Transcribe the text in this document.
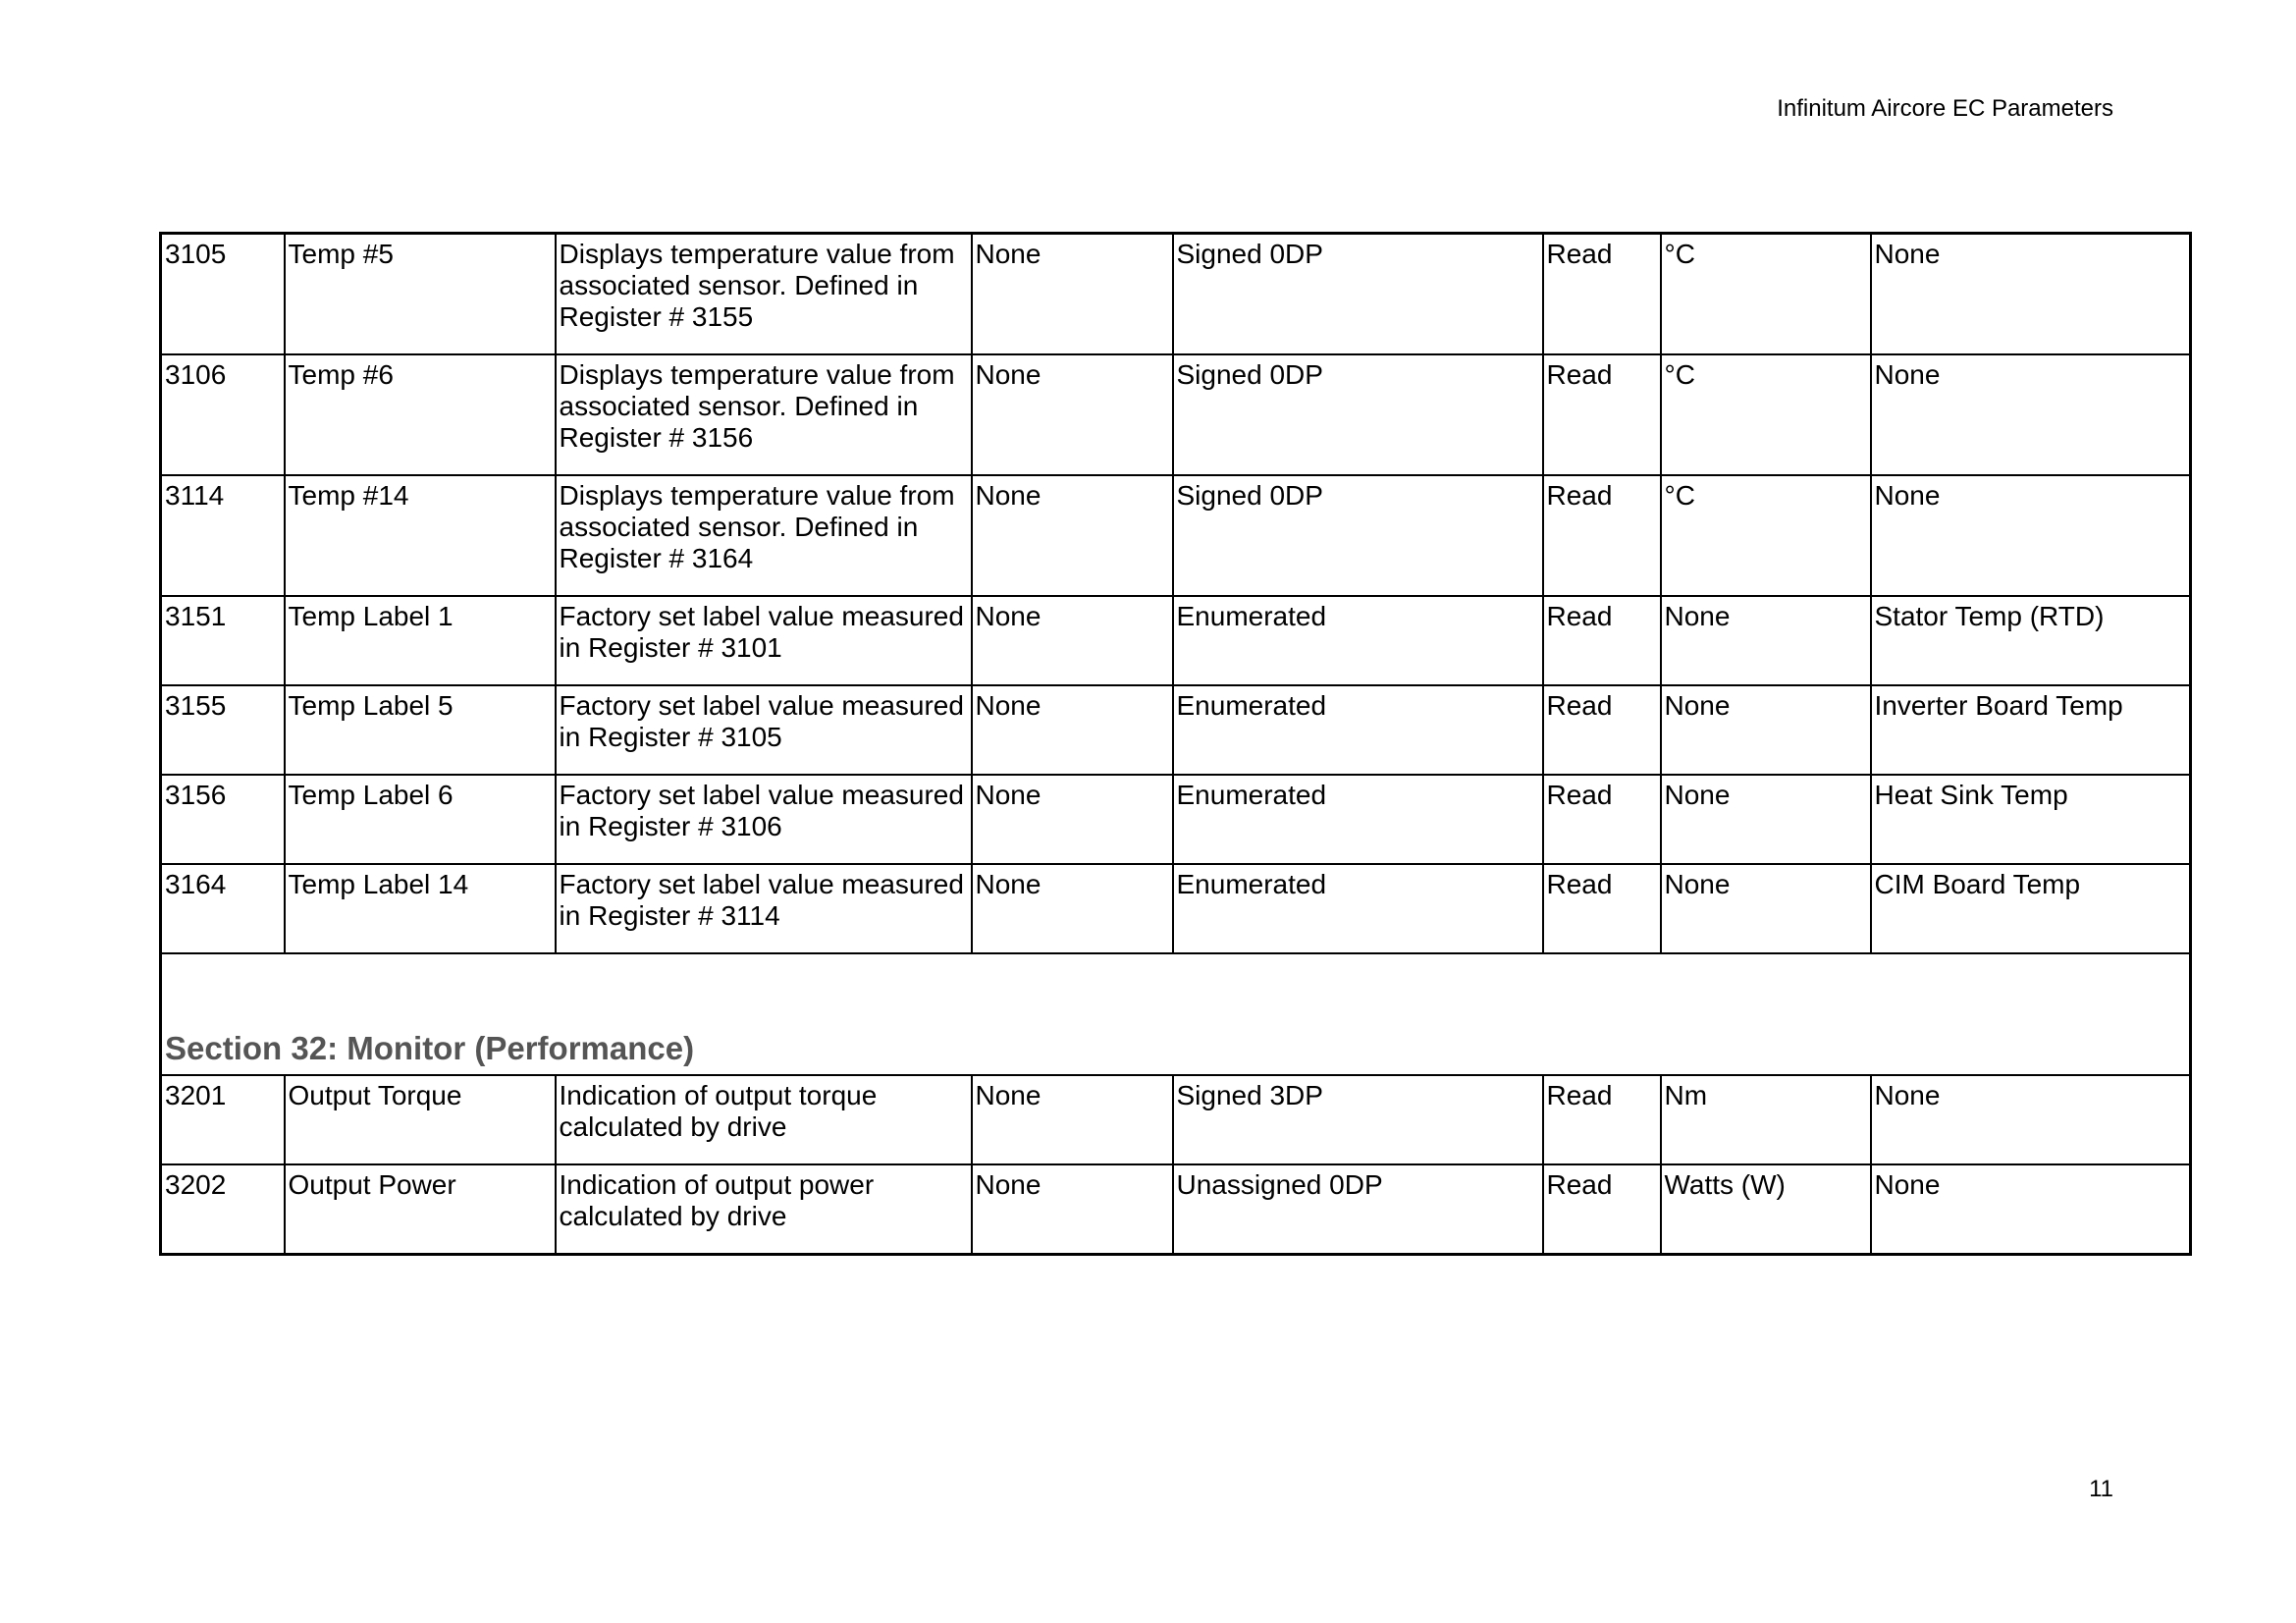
Infinitum Aircore EC Parameters
3105	Temp #5	Displays temperature value from associated sensor. Defined in Register # 3155	None	Signed 0DP	Read	°C	None
3106	Temp #6	Displays temperature value from associated sensor. Defined in Register # 3156	None	Signed 0DP	Read	°C	None
3114	Temp #14	Displays temperature value from associated sensor. Defined in Register # 3164	None	Signed 0DP	Read	°C	None
3151	Temp Label 1	Factory set label value measured in Register # 3101	None	Enumerated	Read	None	Stator Temp (RTD)
3155	Temp Label 5	Factory set label value measured in Register # 3105	None	Enumerated	Read	None	Inverter Board Temp
3156	Temp Label 6	Factory set label value measured in Register # 3106	None	Enumerated	Read	None	Heat Sink Temp
3164	Temp Label 14	Factory set label value measured in Register # 3114	None	Enumerated	Read	None	CIM Board Temp
Section 32: Monitor (Performance)							
3201	Output Torque	Indication of output torque calculated by drive	None	Signed 3DP	Read	Nm	None
3202	Output Power	Indication of output power calculated by drive	None	Unassigned 0DP	Read	Watts (W)	None
11
